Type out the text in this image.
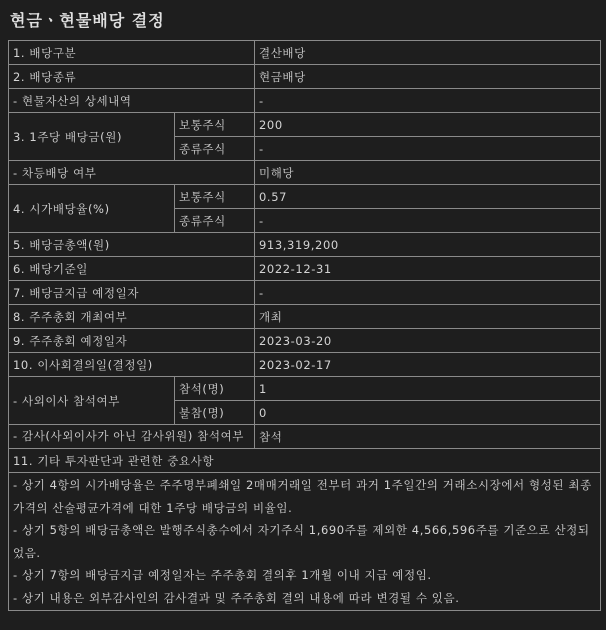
현금ㆍ현물배당 결정
1. 배당구분		결산배당
2. 배당종류		현금배당
- 현물자산의 상세내역		-
3. 1주당 배당금(원)	보통주식	200
	종류주식	-
- 차등배당 여부		미해당
4. 시가배당율(%)	보통주식	0.57
	종류주식	-
5. 배당금총액(원)		913,319,200
6. 배당기준일		2022-12-31
7. 배당금지급 예정일자		-
8. 주주총회 개최여부		개최
9. 주주총회 예정일자		2023-03-20
10. 이사회결의일(결정일)		2023-02-17
- 사외이사 참석여부	참석(명)	1
	불참(명)	0
- 감사(사외이사가 아닌 감사위원) 참석여부		참석
11. 기타 투자판단과 관련한 중요사항		

- 상기 4항의 시가배당율은 주주명부폐쇄일 2매매거래일 전부터 과거 1주일간의 거래소시장에서 형성된 최종가격의 산술평균가격에 대한 1주당 배당금의 비율임.
- 상기 5항의 배당금총액은 발행주식총수에서 자기주식 1,690주를 제외한 4,566,596주를 기준으로 산정되었음.
- 상기 7항의 배당금지급 예정일자는 주주총회 결의후 1개월 이내 지급 예정임.
- 상기 내용은 외부감사인의 감사결과 및 주주총회 결의 내용에 따라 변경될 수 있음.		
